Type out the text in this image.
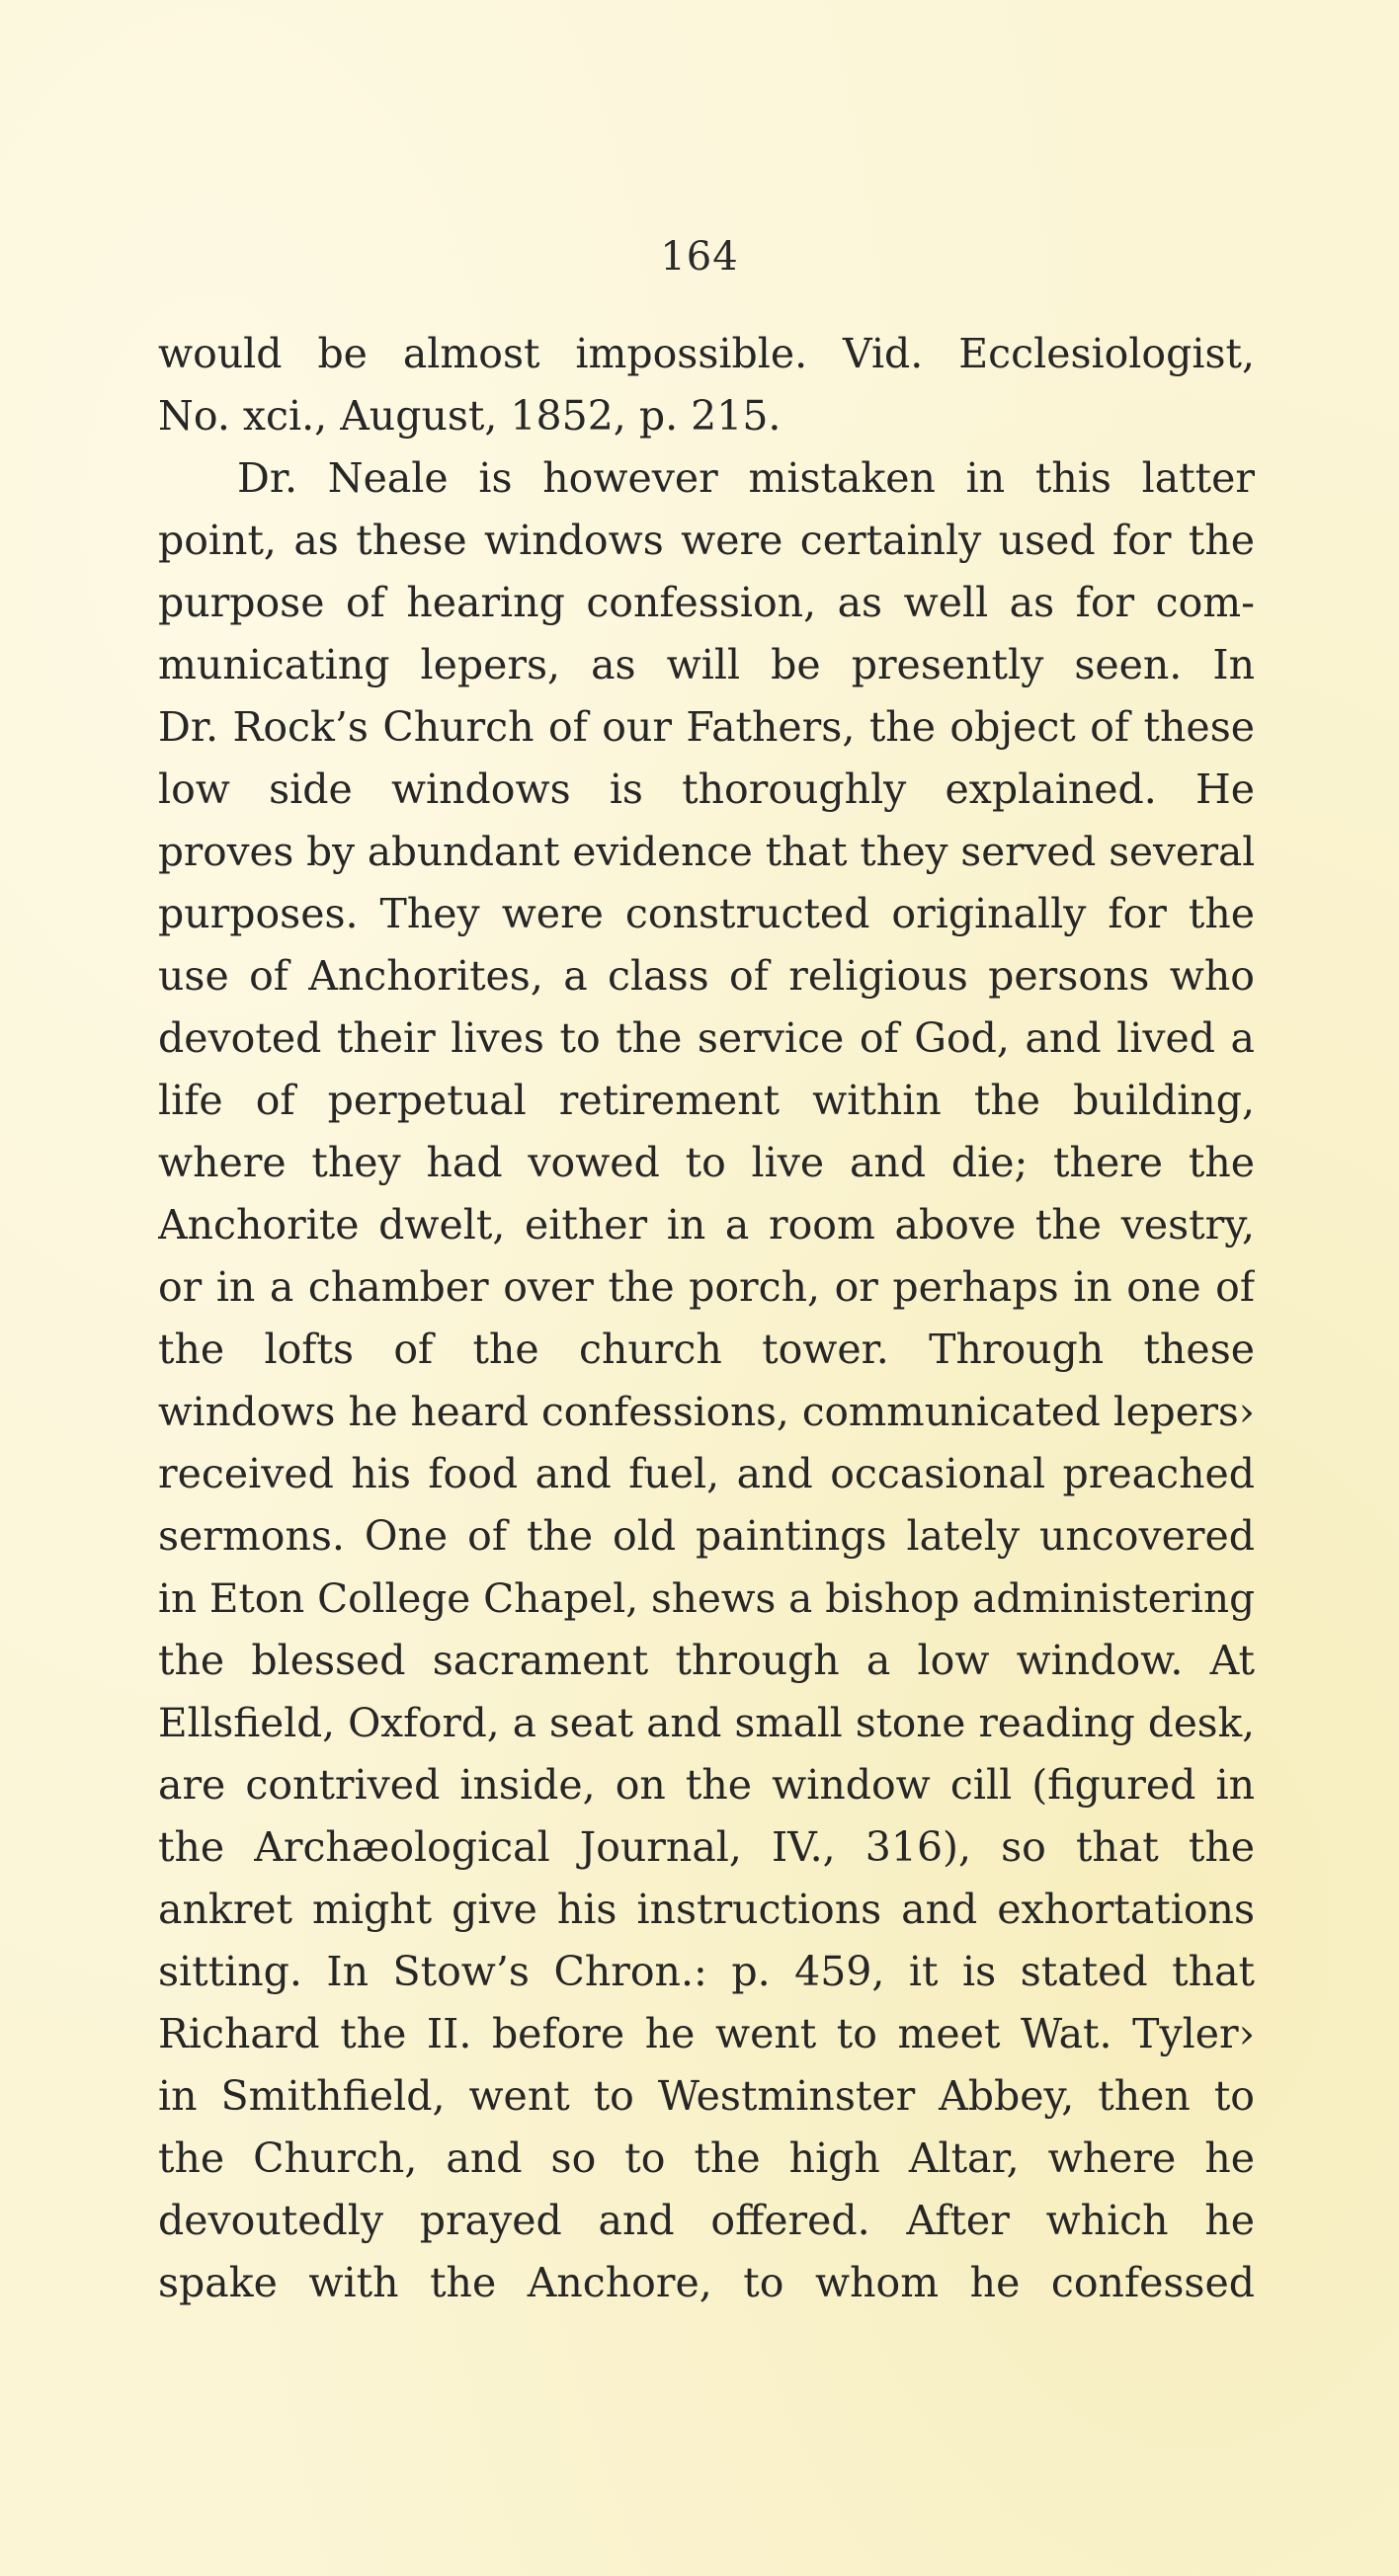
164
would be almost impossible. Vid. Ecclesiologist,
No. xci., August, 1852, p. 215.
Dr. Neale is however mistaken in this latter
point, as these windows were certainly used for the
purpose of hearing confession, as well as for com-
municating lepers, as will be presently seen. In
Dr. Rock’s Church of our Fathers, the object of these
low side windows is thoroughly explained. He
proves by abundant evidence that they served several
purposes. They were constructed originally for the
use of Anchorites, a class of religious persons who
devoted their lives to the service of God, and lived a
life of perpetual retirement within the building,
where they had vowed to live and die; there the
Anchorite dwelt, either in a room above the vestry,
or in a chamber over the porch, or perhaps in one of
the lofts of the church tower. Through these
windows he heard confessions, communicated lepers›
received his food and fuel, and occasional preached
sermons. One of the old paintings lately uncovered
in Eton College Chapel, shews a bishop administering
the blessed sacrament through a low window. At
Ellsfield, Oxford, a seat and small stone reading desk,
are contrived inside, on the window cill (figured in
the Archæological Journal, IV., 316), so that the
ankret might give his instructions and exhortations
sitting. In Stow’s Chron.: p. 459, it is stated that
Richard the II. before he went to meet Wat. Tyler›
in Smithfield, went to Westminster Abbey, then to
the Church, and so to the high Altar, where he
devoutedly prayed and offered. After which he
spake with the Anchore, to whom he confessed
